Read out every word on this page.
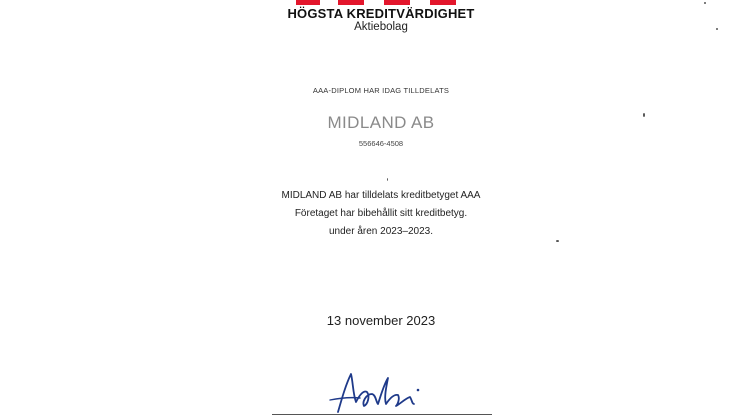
HÖGSTA KREDITVÄRDIGHET
Aktiebolag
AAA-DIPLOM HAR IDAG TILLDELATS
MIDLAND AB
556646-4508
MIDLAND AB har tilldelats kreditbetyget AAA
Företaget har bibehållit sitt kreditbetyg.
under åren 2023–2023.
13 november 2023
